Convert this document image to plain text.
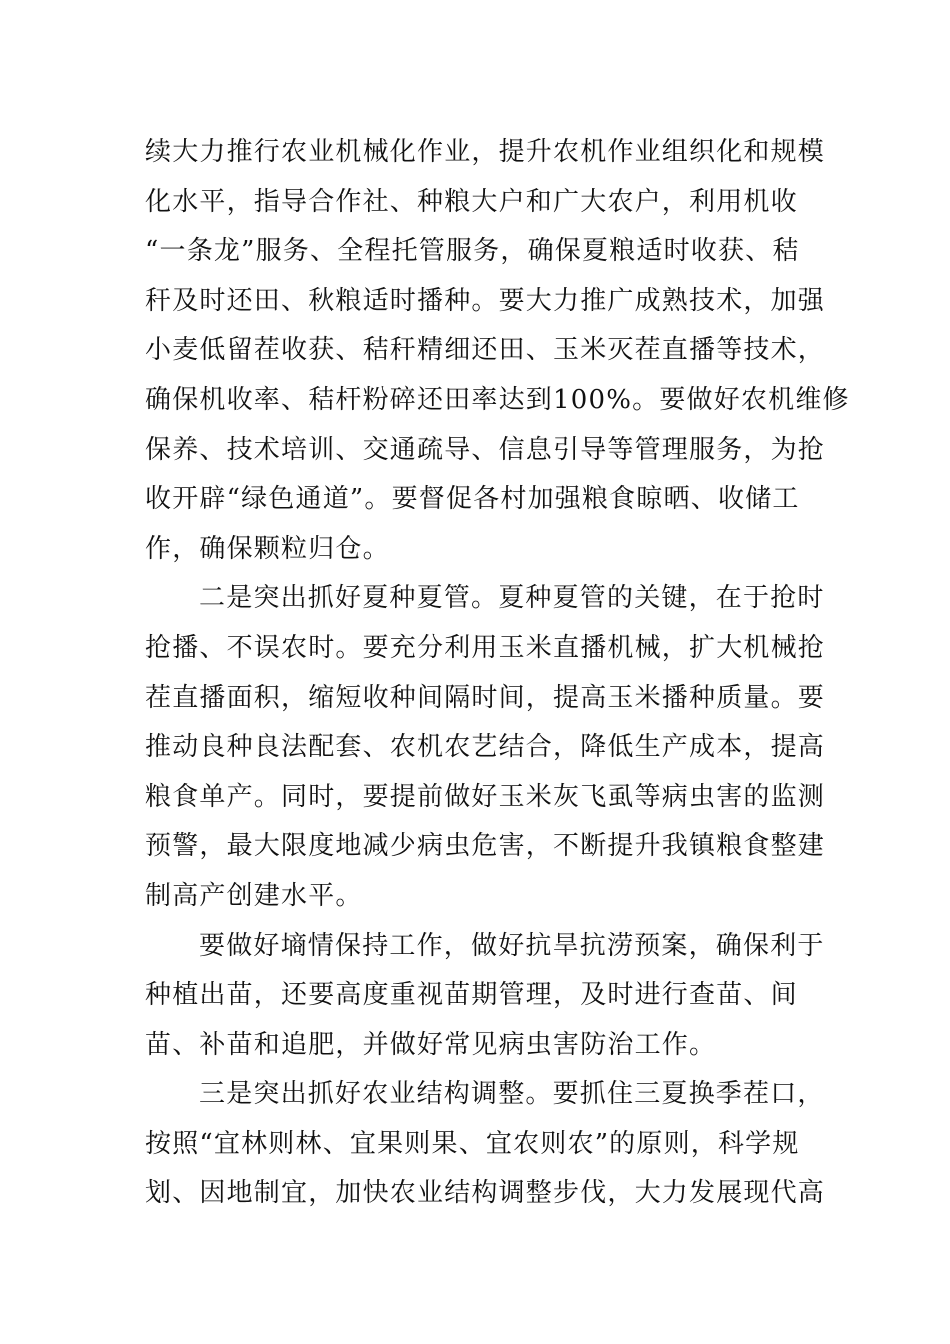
续大力推行农业机械化作业，提升农机作业组织化和规模
化水平，指导合作社、种粮大户和广大农户，利用机收
“一条龙”服务、全程托管服务，确保夏粮适时收获、秸
秆及时还田、秋粮适时播种。要大力推广成熟技术，加强
小麦低留茬收获、秸秆精细还田、玉米灭茬直播等技术，
确保机收率、秸杆粉碎还田率达到100%。要做好农机维修
保养、技术培训、交通疏导、信息引导等管理服务，为抢
收开辟“绿色通道”。要督促各村加强粮食晾晒、收储工
作，确保颗粒归仓。
二是突出抓好夏种夏管。夏种夏管的关键，在于抢时
抢播、不误农时。要充分利用玉米直播机械，扩大机械抢
茬直播面积，缩短收种间隔时间，提高玉米播种质量。要
推动良种良法配套、农机农艺结合，降低生产成本，提高
粮食单产。同时，要提前做好玉米灰飞虱等病虫害的监测
预警，最大限度地减少病虫危害，不断提升我镇粮食整建
制高产创建水平。
要做好墒情保持工作，做好抗旱抗涝预案，确保利于
种植出苗，还要高度重视苗期管理，及时进行查苗、间
苗、补苗和追肥，并做好常见病虫害防治工作。
三是突出抓好农业结构调整。要抓住三夏换季茬口，
按照“宜林则林、宜果则果、宜农则农”的原则，科学规
划、因地制宜，加快农业结构调整步伐，大力发展现代高
